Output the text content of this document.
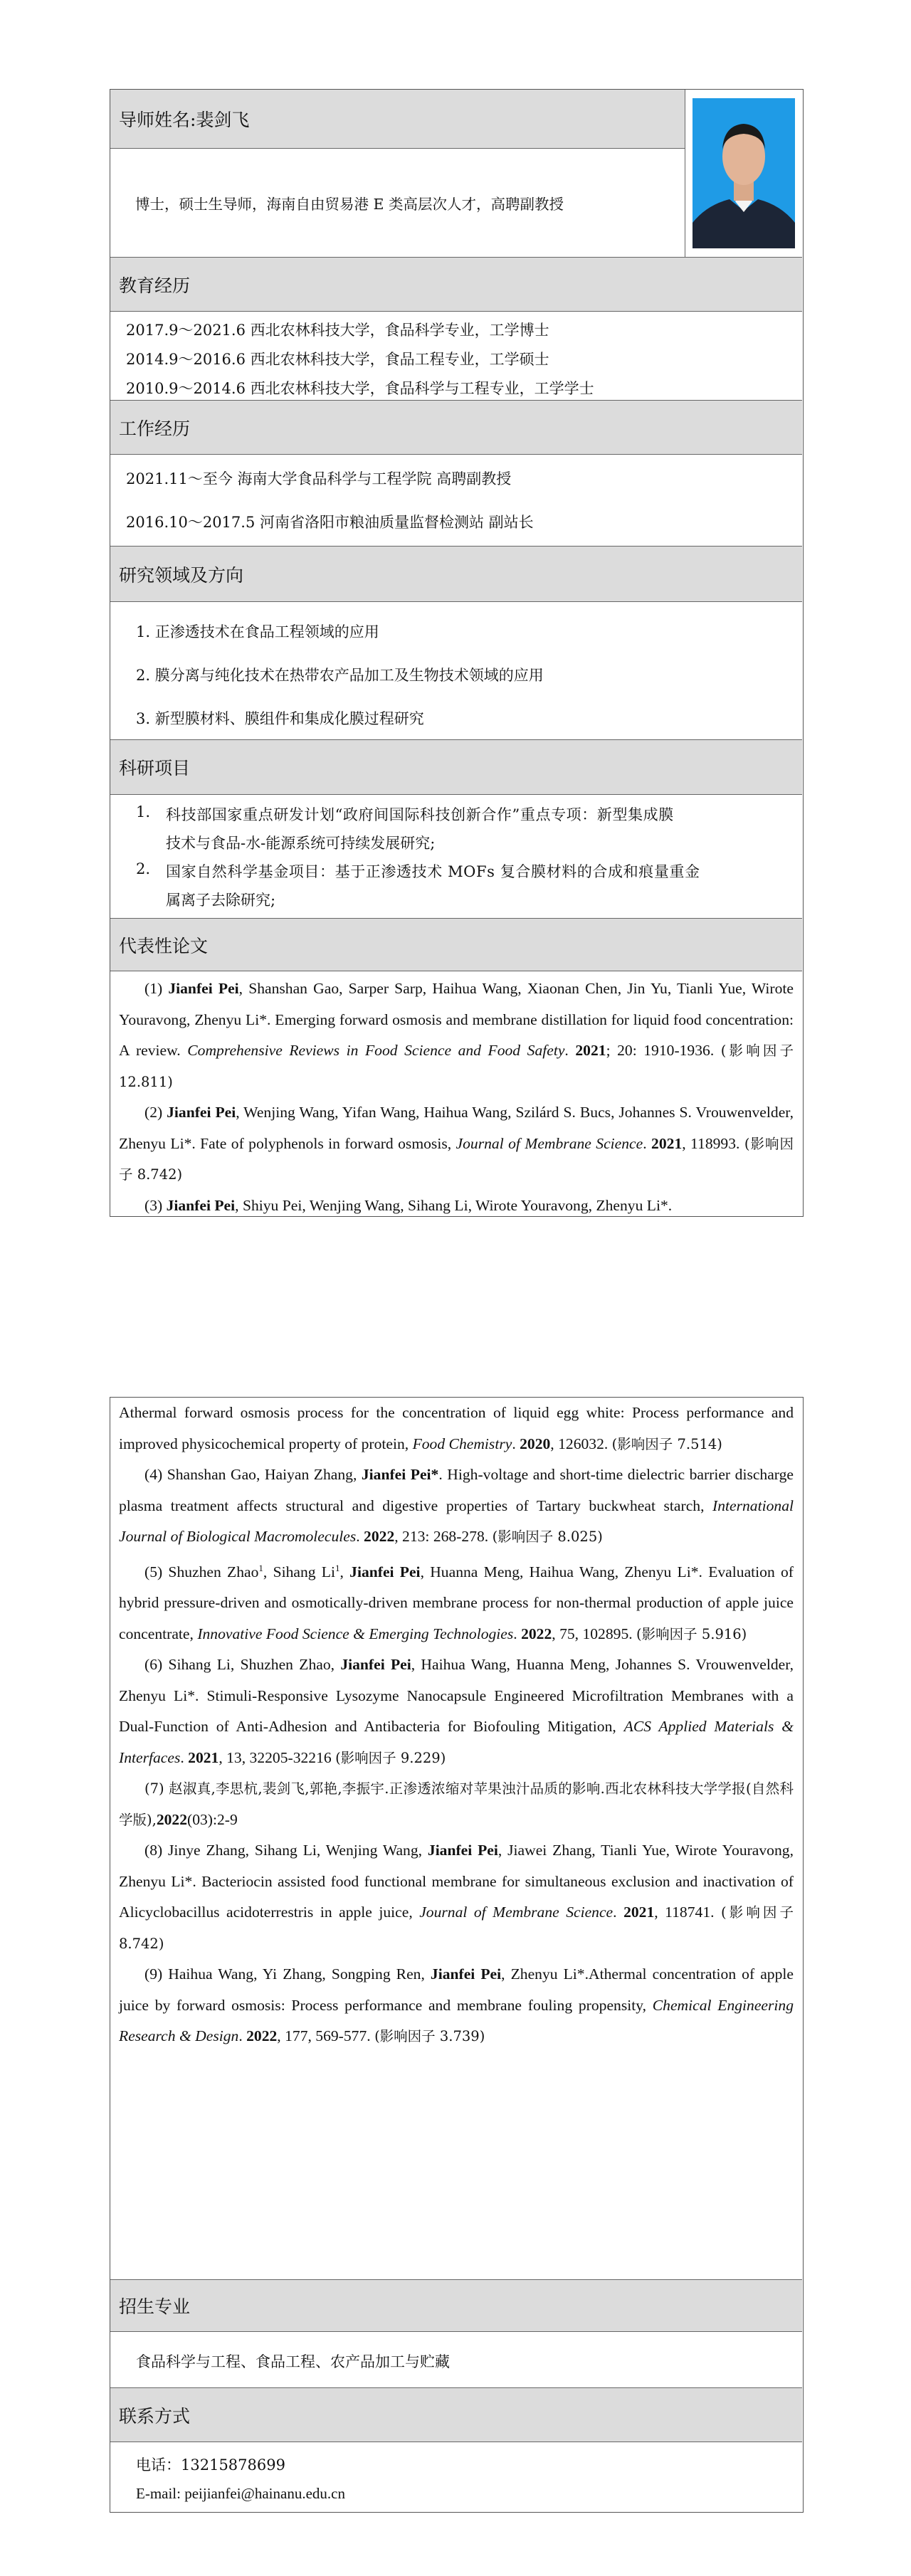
导师姓名:裴剑飞
博士，硕士生导师，海南自由贸易港 E 类高层次人才，高聘副教授
教育经历
2017.9～2021.6 西北农林科技大学，食品科学专业，工学博士
2014.9～2016.6 西北农林科技大学，食品工程专业，工学硕士
2010.9～2014.6 西北农林科技大学，食品科学与工程专业，工学学士
工作经历
2021.11～至今 海南大学食品科学与工程学院 高聘副教授
2016.10～2017.5 河南省洛阳市粮油质量监督检测站 副站长
研究领域及方向
1. 正渗透技术在食品工程领域的应用
2. 膜分离与纯化技术在热带农产品加工及生物技术领域的应用
3. 新型膜材料、膜组件和集成化膜过程研究
科研项目
1. 科技部国家重点研发计划“政府间国际科技创新合作”重点专项：新型集成膜
技术与食品-水-能源系统可持续发展研究;
2. 国家自然科学基金项目：基于正渗透技术 MOFs 复合膜材料的合成和痕量重金
属离子去除研究;
代表性论文

(1) Jianfei Pei, Shanshan Gao, Sarper Sarp, Haihua Wang, Xiaonan Chen, Jin Yu, Tianli Yue, Wirote Youravong, Zhenyu Li*. Emerging forward osmosis and membrane distillation for liquid food concentration: A review. Comprehensive Reviews in Food Science and Food Safety. 2021; 20: 1910-1936. (影响因子 12.811)

(2) Jianfei Pei, Wenjing Wang, Yifan Wang, Haihua Wang, Szilárd S. Bucs, Johannes S. Vrouwenvelder, Zhenyu Li*. Fate of polyphenols in forward osmosis, Journal of Membrane Science. 2021, 118993. (影响因子 8.742)

(3) Jianfei Pei, Shiyu Pei, Wenjing Wang, Sihang Li, Wirote Youravong, Zhenyu Li*.

Athermal forward osmosis process for the concentration of liquid egg white: Process performance and improved physicochemical property of protein, Food Chemistry. 2020, 126032. (影响因子 7.514)

(4) Shanshan Gao, Haiyan Zhang, Jianfei Pei*. High-voltage and short-time dielectric barrier discharge plasma treatment affects structural and digestive properties of Tartary buckwheat starch, International Journal of Biological Macromolecules. 2022, 213: 268-278. (影响因子 8.025)

(5) Shuzhen Zhao$^1$, Sihang Li$^1$, Jianfei Pei, Huanna Meng, Haihua Wang, Zhenyu Li*. Evaluation of hybrid pressure-driven and osmotically-driven membrane process for non-thermal production of apple juice concentrate, Innovative Food Science & Emerging Technologies. 2022, 75, 102895. (影响因子 5.916)

(6) Sihang Li, Shuzhen Zhao, Jianfei Pei, Haihua Wang, Huanna Meng, Johannes S. Vrouwenvelder, Zhenyu Li*. Stimuli-Responsive Lysozyme Nanocapsule Engineered Microfiltration Membranes with a Dual-Function of Anti-Adhesion and Antibacteria for Biofouling Mitigation, ACS Applied Materials & Interfaces. 2021, 13, 32205-32216 (影响因子 9.229)

(7) 赵淑真,李思杭,裴剑飞,郭艳,李振宇.正渗透浓缩对苹果浊汁品质的影响.西北农林科技大学学报(自然科学版),2022(03):2-9

(8) Jinye Zhang, Sihang Li, Wenjing Wang, Jianfei Pei, Jiawei Zhang, Tianli Yue, Wirote Youravong, Zhenyu Li*. Bacteriocin assisted food functional membrane for simultaneous exclusion and inactivation of Alicyclobacillus acidoterrestris in apple juice, Journal of Membrane Science. 2021, 118741. (影响因子 8.742)

(9) Haihua Wang, Yi Zhang, Songping Ren, Jianfei Pei, Zhenyu Li*.Athermal concentration of apple juice by forward osmosis: Process performance and membrane fouling propensity, Chemical Engineering Research & Design. 2022, 177, 569-577. (影响因子 3.739)

招生专业
食品科学与工程、食品工程、农产品加工与贮藏
联系方式
电话：13215878699
E-mail: peijianfei@hainanu.edu.cn
